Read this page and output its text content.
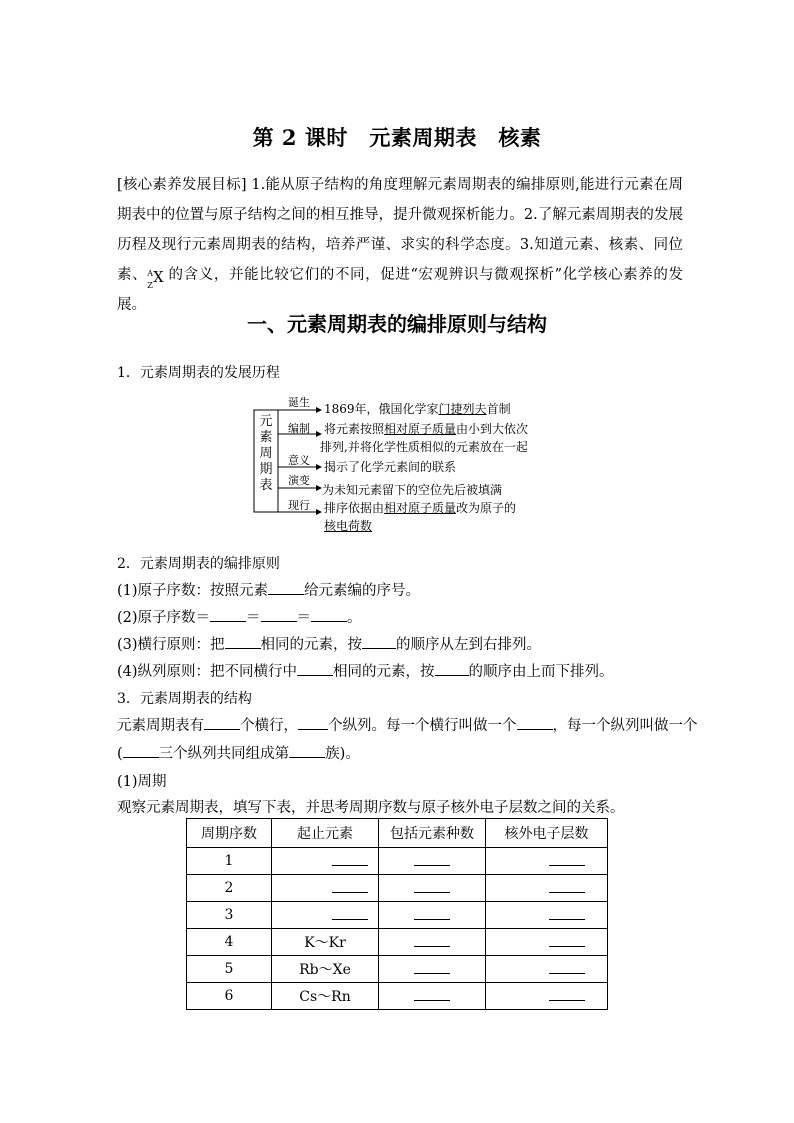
第 2 课时　元素周期表　核素
[核心素养发展目标] 1.能从原子结构的角度理解元素周期表的编排原则,能进行元素在周期表中的位置与原子结构之间的相互推导，提升微观探析能力。2.了解元素周期表的发展历程及现行元素周期表的结构，培养严谨、求实的科学态度。3.知道元素、核素、同位素、 A
Z X 的含义，并能比较它们的不同，促进“宏观辨识与微观探析”化学核心素养的发展。
一、元素周期表的编排原则与结构
1．元素周期表的发展历程
元
素
周
期
表
诞生 1869年，俄国化学家门捷列夫首制
编制 将元素按照相对原子质量由小到大依次
排列,并将化学性质相似的元素放在一起
意义 揭示了化学元素间的联系
演变
为未知元素留下的空位先后被填满
现行 排序依据由相对原子质量改为原子的
核电荷数
2．元素周期表的编排原则
(1)原子序数：按照元素 给元素编的序号。
(2)原子序数＝ ＝ ＝ 。
(3)横行原则：把 相同的元素，按 的顺序从左到右排列。
(4)纵列原则：把不同横行中 相同的元素，按 的顺序由上而下排列。
3．元素周期表的结构
元素周期表有 个横行， 个纵列。每一个横行叫做一个 ，每一个纵列叫做一个
( 三个纵列共同组成第 族)。
(1)周期
观察元素周期表，填写下表，并思考周期序数与原子核外电子层数之间的关系。
周期序数	起止元素	包括元素种数	核外电子层数
1			
2			
3			
4	K～Kr		
5	Rb～Xe		
6	Cs～Rn		
